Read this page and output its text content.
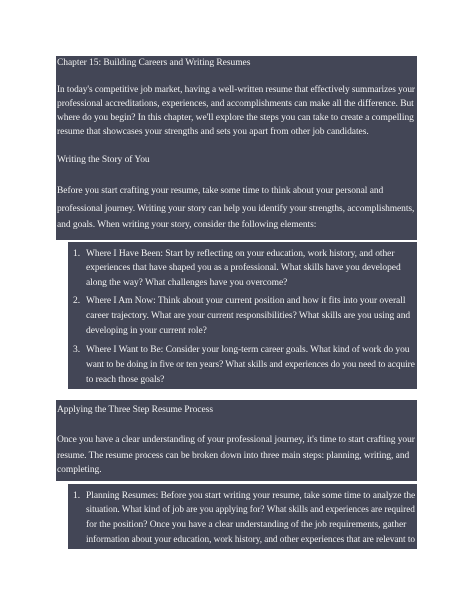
Chapter 15: Building Careers and Writing Resumes
In today's competitive job market, having a well-written resume that effectively summarizes your
professional accreditations, experiences, and accomplishments can make all the difference. But
where do you begin? In this chapter, we'll explore the steps you can take to create a compelling
resume that showcases your strengths and sets you apart from other job candidates.
Writing the Story of You
Before you start crafting your resume, take some time to think about your personal and
professional journey. Writing your story can help you identify your strengths, accomplishments,
and goals. When writing your story, consider the following elements:
1. Where I Have Been: Start by reflecting on your education, work history, and other
experiences that have shaped you as a professional. What skills have you developed
along the way? What challenges have you overcome?
2. Where I Am Now: Think about your current position and how it fits into your overall
career trajectory. What are your current responsibilities? What skills are you using and
developing in your current role?
3. Where I Want to Be: Consider your long-term career goals. What kind of work do you
want to be doing in five or ten years? What skills and experiences do you need to acquire
to reach those goals?
Applying the Three Step Resume Process
Once you have a clear understanding of your professional journey, it's time to start crafting your
resume. The resume process can be broken down into three main steps: planning, writing, and
completing.
1. Planning Resumes: Before you start writing your resume, take some time to analyze the
situation. What kind of job are you applying for? What skills and experiences are required
for the position? Once you have a clear understanding of the job requirements, gather
information about your education, work history, and other experiences that are relevant to
